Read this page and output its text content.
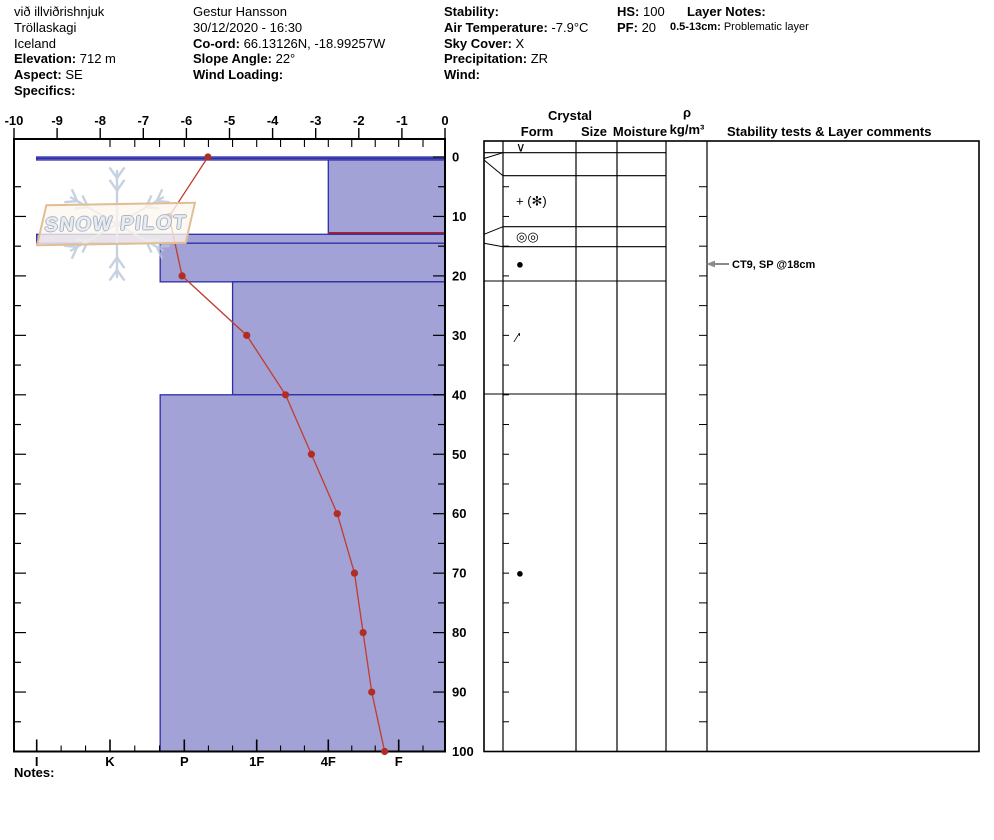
við illviðrishnjuk
Tröllaskagi
Iceland
Elevation: 712 m
Aspect: SE
Specifics:
Gestur Hansson
30/12/2020 - 16:30
Co-ord: 66.13126N, -18.99257W
Slope Angle: 22°
Wind Loading:
Stability:
Air Temperature: -7.9°C
Sky Cover: X
Precipitation: ZR
Wind:
HS: 100
PF: 20
Layer Notes:
0.5-13cm: Problematic layer
Crystal
Form	Size Moisture
ρ
kg/m³	Stability tests & Layer comments
Notes:
-10 -9 -8 -7 -6 -5 -4 -3 -2 -1	0
I	K	P	1F	4F	F
0
10
20
30
40
50
60
70
80
90
100
∨
+ (✻)
◎◎
●
∕ʹ
●
CT9, SP @18cm
SNOW PILOT
